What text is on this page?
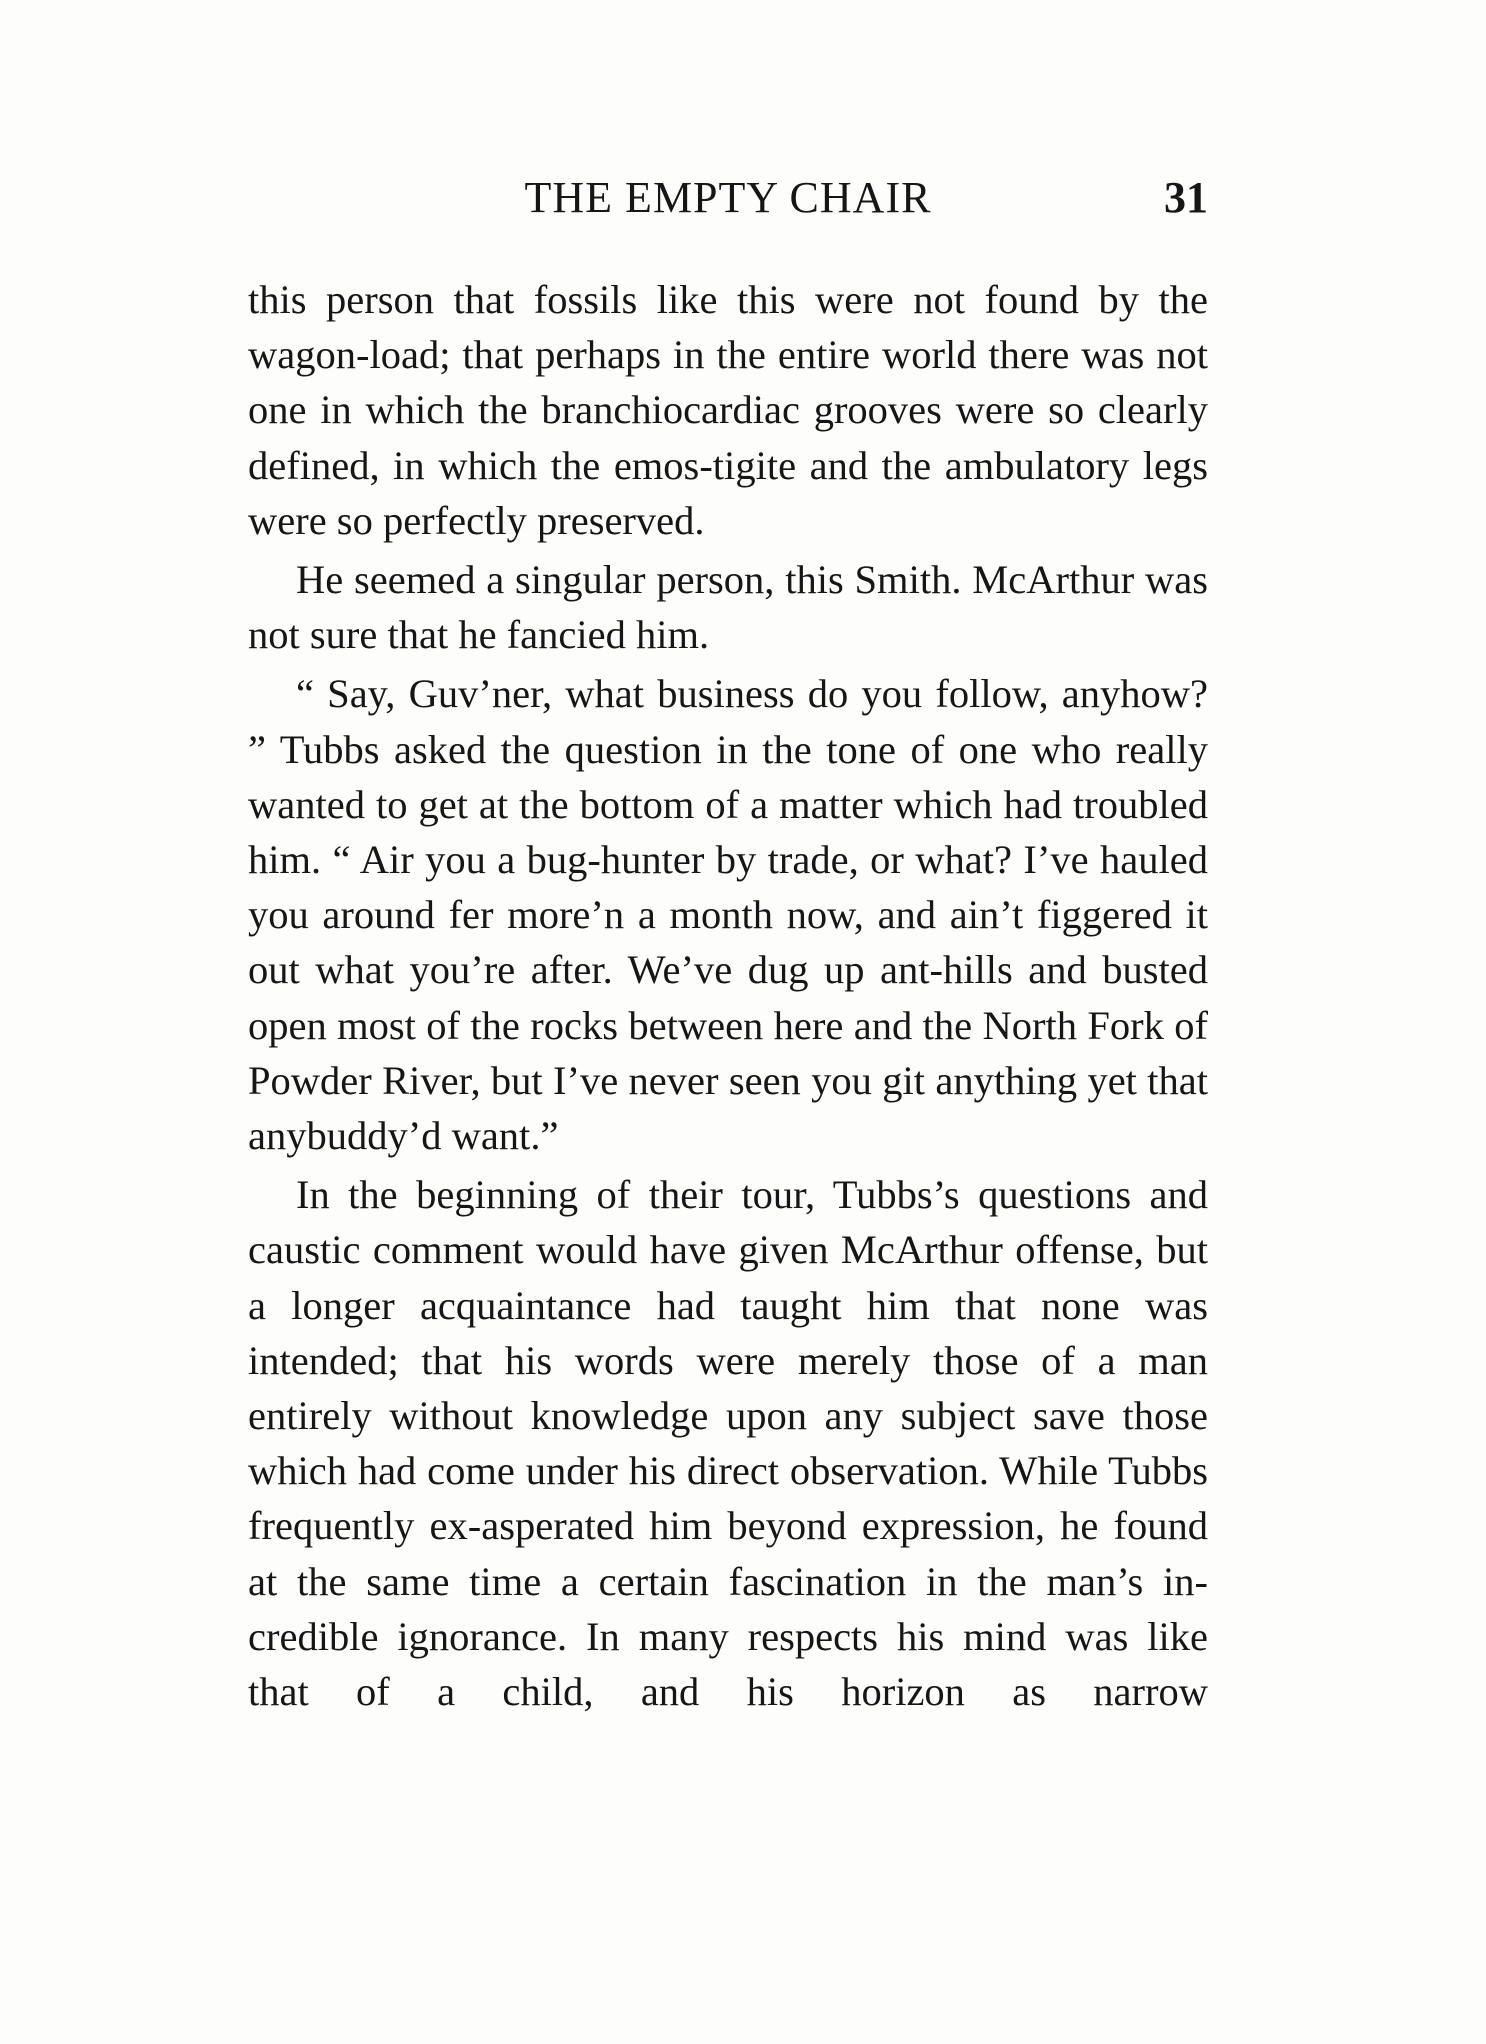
THE EMPTY CHAIR	31

this person that fossils like this were not found by the wagon-load; that perhaps in the entire world there was not one in which the branchiocardiac grooves were so clearly defined, in which the emos-tigite and the ambulatory legs were so perfectly preserved.

He seemed a singular person, this Smith. McArthur was not sure that he fancied him.

“ Say, Guv’ner, what business do you follow, anyhow? ” Tubbs asked the question in the tone of one who really wanted to get at the bottom of a matter which had troubled him. “ Air you a bug-hunter by trade, or what? I’ve hauled you around fer more’n a month now, and ain’t figgered it out what you’re after. We’ve dug up ant-hills and busted open most of the rocks between here and the North Fork of Powder River, but I’ve never seen you git anything yet that anybuddy’d want.”

In the beginning of their tour, Tubbs’s questions and caustic comment would have given McArthur offense, but a longer acquaintance had taught him that none was intended; that his words were merely those of a man entirely without knowledge upon any subject save those which had come under his direct observation. While Tubbs frequently ex-asperated him beyond expression, he found at the same time a certain fascination in the man’s in-credible ignorance. In many respects his mind was like that of a child, and his horizon as narrow
